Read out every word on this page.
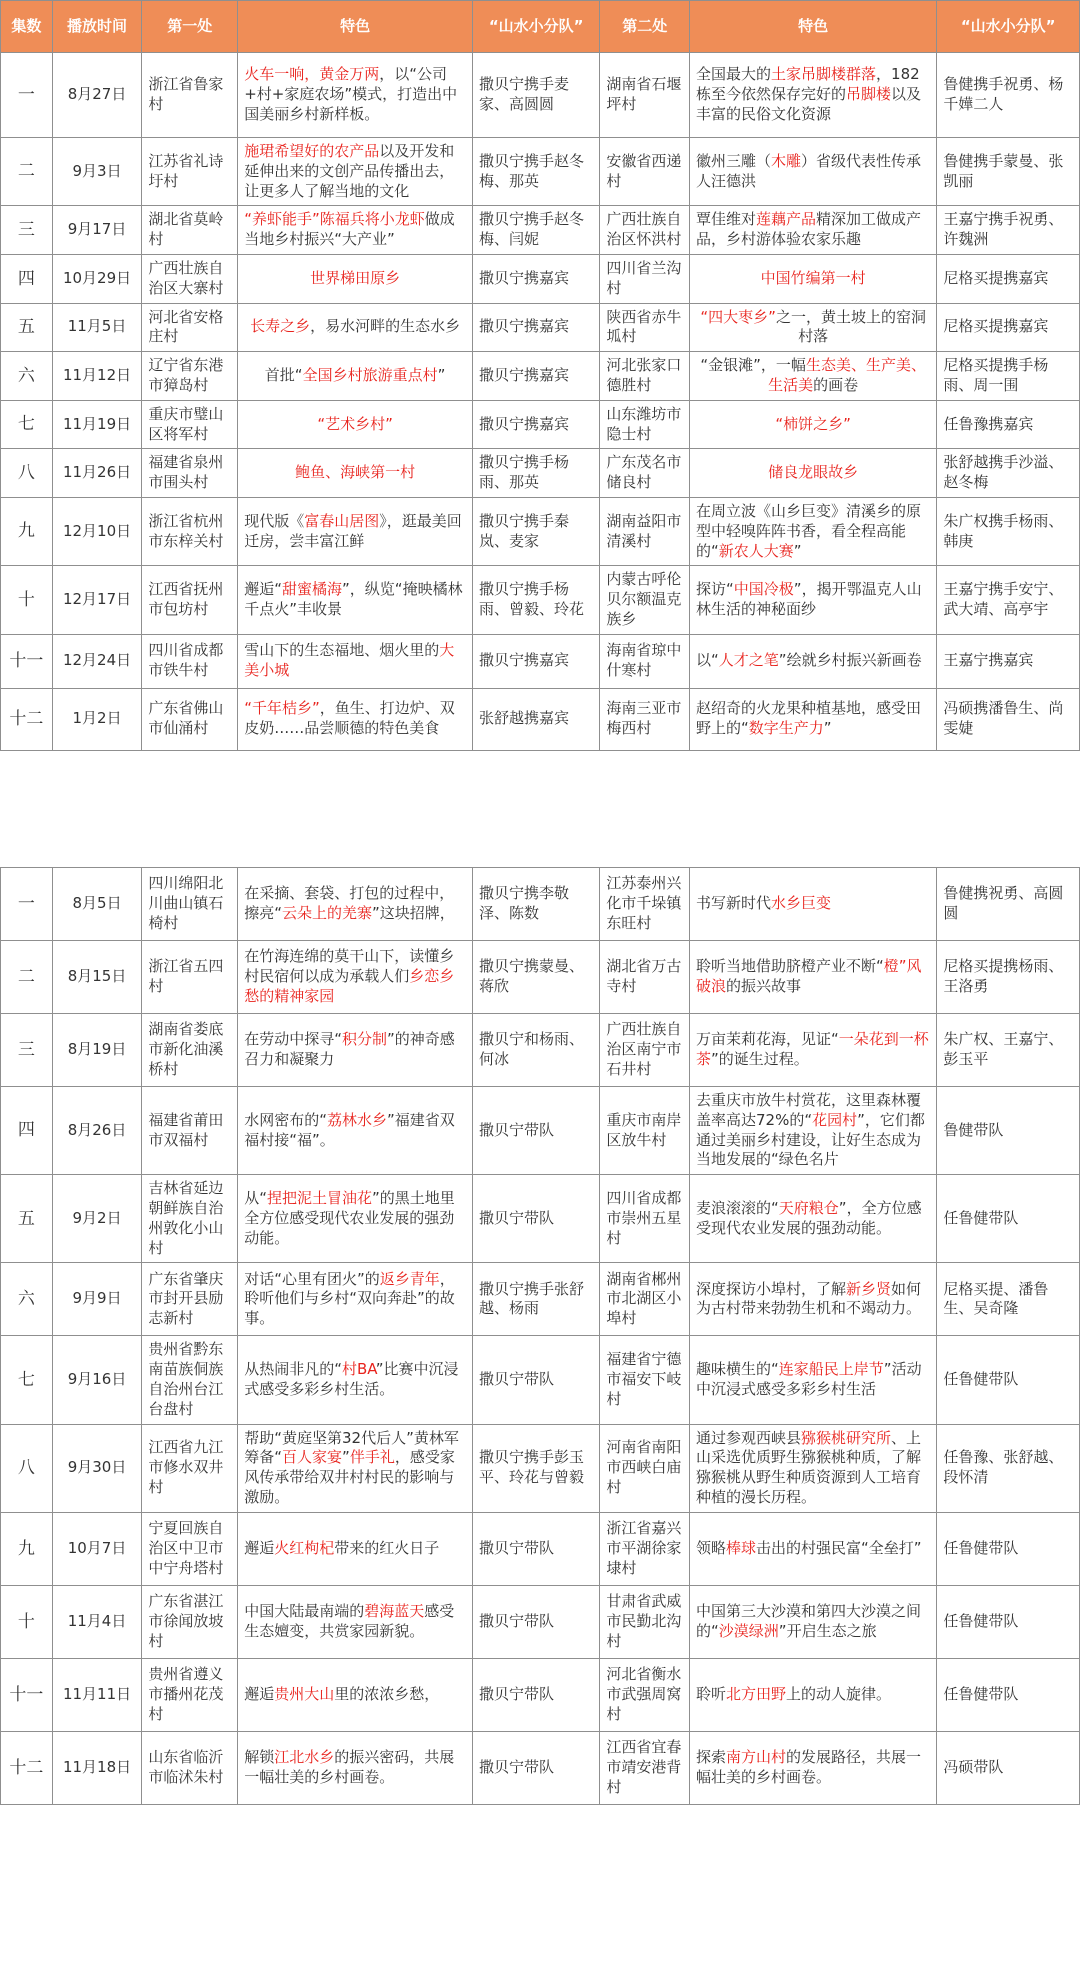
集数	播放时间	第一处	特色	“山水小分队”	第二处	特色	“山水小分队”
一	8月27日	浙江省鲁家村	火车一响，黄金万两，以“公司+村+家庭农场”模式，打造出中国美丽乡村新样板。	撒贝宁携手麦家、高圆圆	湖南省石堰坪村	全国最大的土家吊脚楼群落，182栋至今依然保存完好的吊脚楼以及丰富的民俗文化资源	鲁健携手祝勇、杨千嬅二人
二	9月3日	江苏省礼诗圩村	施珺希望好的农产品以及开发和延伸出来的文创产品传播出去，让更多人了解当地的文化	撒贝宁携手赵冬梅、那英	安徽省西递村	徽州三雕（木雕）省级代表性传承人汪德洪	鲁健携手蒙曼、张凯丽
三	9月17日	湖北省莫岭村	“养虾能手”陈福兵将小龙虾做成当地乡村振兴“大产业”	撒贝宁携手赵冬梅、闫妮	广西壮族自治区怀洪村	覃佳维对莲藕产品精深加工做成产品，乡村游体验农家乐趣	王嘉宁携手祝勇、许魏洲
四	10月29日	广西壮族自治区大寨村	世界梯田原乡	撒贝宁携嘉宾	四川省兰沟村	中国竹编第一村	尼格买提携嘉宾
五	11月5日	河北省安格庄村	长寿之乡，易水河畔的生态水乡	撒贝宁携嘉宾	陕西省赤牛坬村	“四大枣乡”之一，黄土坡上的窑洞村落	尼格买提携嘉宾
六	11月12日	辽宁省东港市獐岛村	首批“全国乡村旅游重点村”	撒贝宁携嘉宾	河北张家口德胜村	“金银滩”，一幅生态美、生产美、生活美的画卷	尼格买提携手杨雨、周一围
七	11月19日	重庆市璧山区将军村	“艺术乡村”	撒贝宁携嘉宾	山东潍坊市隐士村	“柿饼之乡”	任鲁豫携嘉宾
八	11月26日	福建省泉州市围头村	鲍鱼、海峡第一村	撒贝宁携手杨雨、那英	广东茂名市储良村	储良龙眼故乡	张舒越携手沙溢、赵冬梅
九	12月10日	浙江省杭州市东梓关村	现代版《富春山居图》，逛最美回迁房，尝丰富江鲜	撒贝宁携手秦岚、麦家	湖南益阳市清溪村	在周立波《山乡巨变》清溪乡的原型中轻嗅阵阵书香，看全程高能的“新农人大赛”	朱广权携手杨雨、韩庚
十	12月17日	江西省抚州市包坊村	邂逅“甜蜜橘海”，纵览“掩映橘林千点火”丰收景	撒贝宁携手杨雨、曾毅、玲花	内蒙古呼伦贝尔额温克族乡	探访“中国冷极”，揭开鄂温克人山林生活的神秘面纱	王嘉宁携手安宁、武大靖、高亭宇
十一	12月24日	四川省成都市铁牛村	雪山下的生态福地、烟火里的大美小城	撒贝宁携嘉宾	海南省琼中什寒村	以“人才之笔”绘就乡村振兴新画卷	王嘉宁携嘉宾
十二	1月2日	广东省佛山市仙涌村	“千年桔乡”，鱼生、打边炉、双皮奶……品尝顺德的特色美食	张舒越携嘉宾	海南三亚市梅西村	赵绍奇的火龙果种植基地，感受田野上的“数字生产力”	冯硕携潘鲁生、尚雯婕
一	8月5日	四川绵阳北川曲山镇石椅村	在采摘、套袋、打包的过程中，擦亮“云朵上的羌寨”这块招牌，	撒贝宁携李敬泽、陈数	江苏泰州兴化市千垛镇东旺村	书写新时代水乡巨变	鲁健携祝勇、高圆圆
二	8月15日	浙江省五四村	在竹海连绵的莫干山下，读懂乡村民宿何以成为承载人们乡恋乡愁的精神家园	撒贝宁携蒙曼、蒋欣	湖北省万古寺村	聆听当地借助脐橙产业不断“橙”风破浪的振兴故事	尼格买提携杨雨、王洛勇
三	8月19日	湖南省娄底市新化油溪桥村	在劳动中探寻“积分制”的神奇感召力和凝聚力	撒贝宁和杨雨、何冰	广西壮族自治区南宁市石井村	万亩茉莉花海，见证“一朵花到一杯茶”的诞生过程。	朱广权、王嘉宁、彭玉平
四	8月26日	福建省莆田市双福村	水网密布的“荔林水乡”福建省双福村接“福”。	撒贝宁带队	重庆市南岸区放牛村	去重庆市放牛村赏花，这里森林覆盖率高达72%的“花园村”，它们都通过美丽乡村建设，让好生态成为当地发展的“绿色名片	鲁健带队
五	9月2日	吉林省延边朝鲜族自治州敦化小山村	从“捏把泥土冒油花”的黑土地里全方位感受现代农业发展的强劲动能。	撒贝宁带队	四川省成都市崇州五星村	麦浪滚滚的“天府粮仓”，全方位感受现代农业发展的强劲动能。	任鲁健带队
六	9月9日	广东省肇庆市封开县励志新村	对话“心里有团火”的返乡青年，聆听他们与乡村“双向奔赴”的故事。	撒贝宁携手张舒越、杨雨	湖南省郴州市北湖区小埠村	深度探访小埠村，了解新乡贤如何为古村带来勃勃生机和不竭动力。	尼格买提、潘鲁生、吴奇隆
七	9月16日	贵州省黔东南苗族侗族自治州台江台盘村	从热闹非凡的“村BA”比赛中沉浸式感受多彩乡村生活。	撒贝宁带队	福建省宁德市福安下岐村	趣味横生的“连家船民上岸节”活动中沉浸式感受多彩乡村生活	任鲁健带队
八	9月30日	江西省九江市修水双井村	帮助“黄庭坚第32代后人”黄林军筹备“百人家宴”伴手礼，感受家风传承带给双井村村民的影响与激励。	撒贝宁携手彭玉平、玲花与曾毅	河南省南阳市西峡白庙村	通过参观西峡县猕猴桃研究所、上山采选优质野生猕猴桃种质，了解猕猴桃从野生种质资源到人工培育种植的漫长历程。	任鲁豫、张舒越、段怀清
九	10月7日	宁夏回族自治区中卫市中宁舟塔村	邂逅火红枸杞带来的红火日子	撒贝宁带队	浙江省嘉兴市平湖徐家埭村	领略棒球击出的村强民富“全垒打”	任鲁健带队
十	11月4日	广东省湛江市徐闻放坡村	中国大陆最南端的碧海蓝天感受生态嬗变，共赏家园新貌。	撒贝宁带队	甘肃省武威市民勤北沟村	中国第三大沙漠和第四大沙漠之间的“沙漠绿洲”开启生态之旅	任鲁健带队
十一	11月11日	贵州省遵义市播州花茂村	邂逅贵州大山里的浓浓乡愁，	撒贝宁带队	河北省衡水市武强周窝村	聆听北方田野上的动人旋律。	任鲁健带队
十二	11月18日	山东省临沂市临沭朱村	解锁江北水乡的振兴密码，共展一幅壮美的乡村画卷。	撒贝宁带队	江西省宜春市靖安港背村	探索南方山村的发展路径，共展一幅壮美的乡村画卷。	冯硕带队
